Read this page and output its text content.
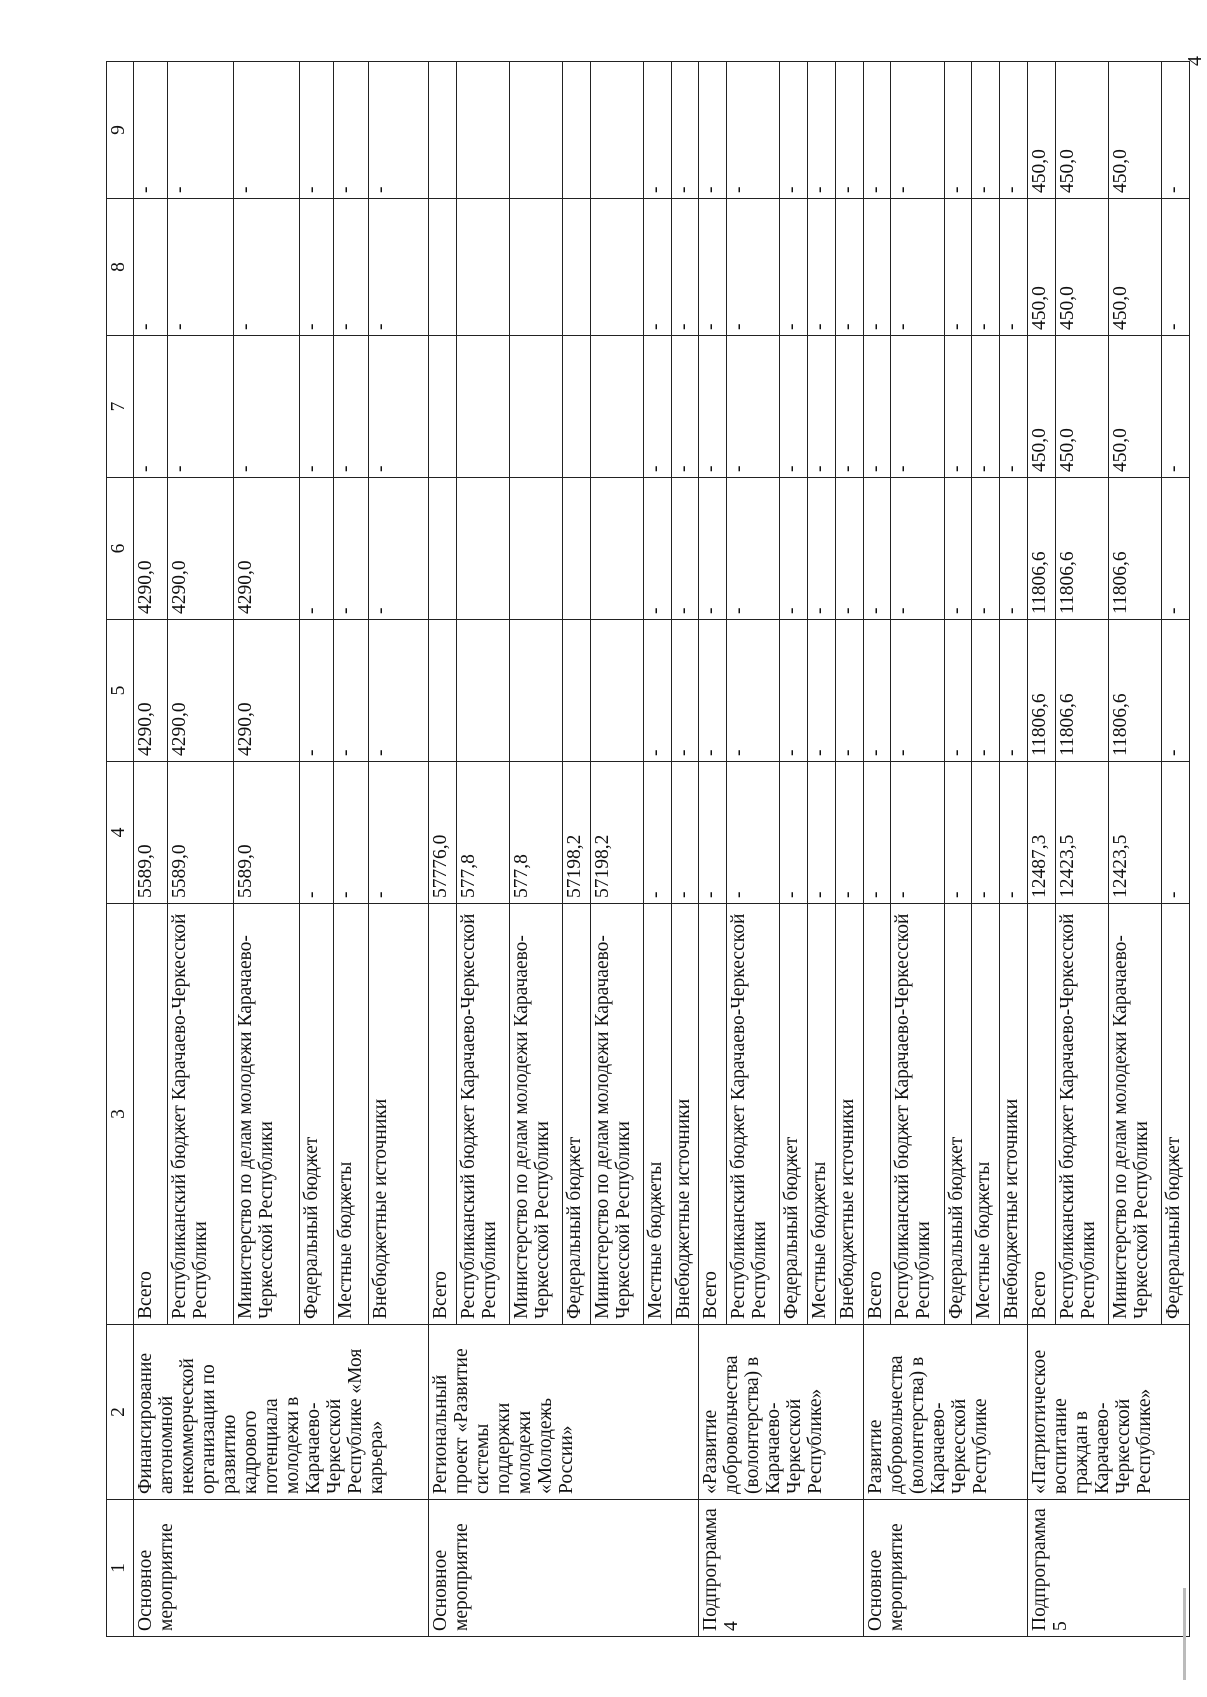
4
1	2	3	4	5	6	7	8	9
Основное мероприятие	Финансирование автономной некоммерческой организации по развитию кадрового потенциала молодежи в Карачаево-Черкесской Республике «Моя карьера»	Всего	5589,0	4290,0	4290,0	-	-	-
		Республиканский бюджет Карачаево-Черкесской Республики	5589,0	4290,0	4290,0	-	-	-
		Министерство по делам молодежи Карачаево-Черкесской Республики	5589,0	4290,0	4290,0	-	-	-
		Федеральный бюджет	-	-	-	-	-	-
		Местные бюджеты	-	-	-	-	-	-
		Внебюджетные источники	-	-	-	-	-	-
Основное мероприятие	Региональный проект «Развитие системы поддержки молодежи «Молодежь России»	Всего	57776,0					
		Республиканский бюджет Карачаево-Черкесской Республики	577,8					
		Министерство по делам молодежи Карачаево-Черкесской Республики	577,8					
		Федеральный бюджет	57198,2					
		Министерство по делам молодежи Карачаево-Черкесской Республики	57198,2					
		Местные бюджеты	-	-	-	-	-	-
		Внебюджетные источники	-	-	-	-	-	-
Подпрограмма 4	«Развитие добровольчества (волонтерства) в Карачаево-Черкесской Республике»	Всего	-	-	-	-	-	-
		Республиканский бюджет Карачаево-Черкесской Республики	-	-	-	-	-	-
		Федеральный бюджет	-	-	-	-	-	-
		Местные бюджеты	-	-	-	-	-	-
		Внебюджетные источники	-	-	-	-	-	-
Основное мероприятие	Развитие добровольчества (волонтерства) в Карачаево-Черкесской Республике	Всего	-	-	-	-	-	-
		Республиканский бюджет Карачаево-Черкесской Республики	-	-	-	-	-	-
		Федеральный бюджет	-	-	-	-	-	-
		Местные бюджеты	-	-	-	-	-	-
		Внебюджетные источники	-	-	-	-	-	-
Подпрограмма 5	«Патриотическое воспитание граждан в Карачаево-Черкесской Республике»	Всего	12487,3	11806,6	11806,6	450,0	450,0	450,0
		Республиканский бюджет Карачаево-Черкесской Республики	12423,5	11806,6	11806,6	450,0	450,0	450,0
		Министерство по делам молодежи Карачаево-Черкесской Республики	12423,5	11806,6	11806,6	450,0	450,0	450,0
		Федеральный бюджет	-	-	-	-	-	-
